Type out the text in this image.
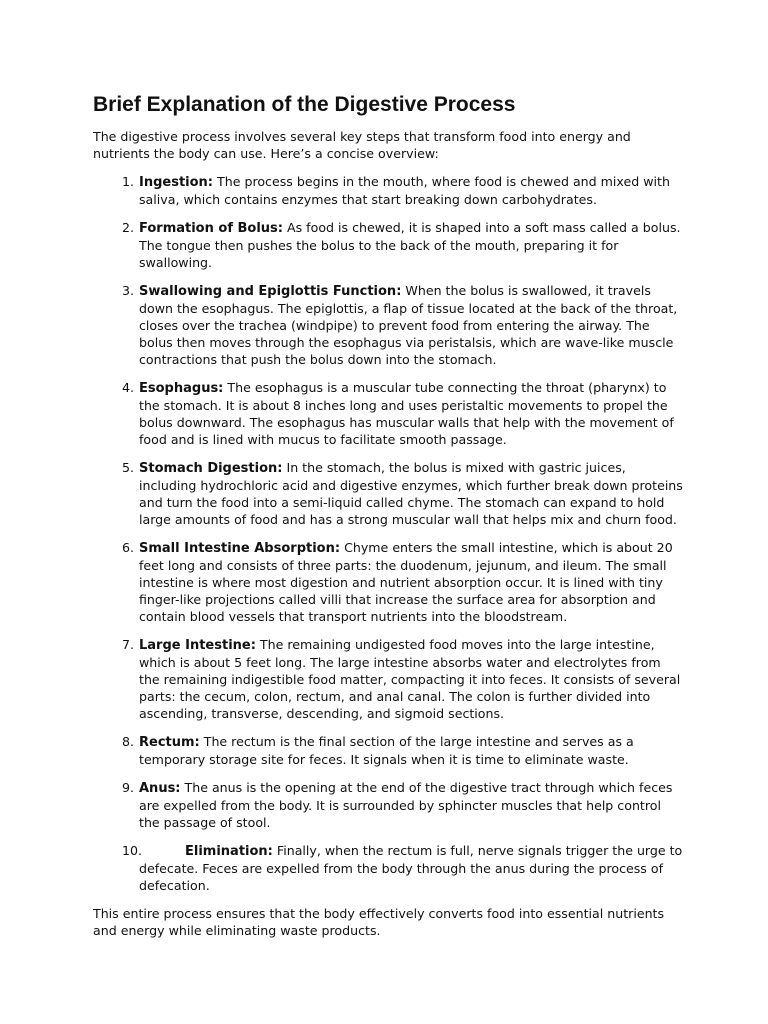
Brief Explanation of the Digestive Process

The digestive process involves several key steps that transform food into energy and nutrients the body can use. Here’s a concise overview:

1. Ingestion: The process begins in the mouth, where food is chewed and mixed with saliva, which contains enzymes that start breaking down carbohydrates.
2. Formation of Bolus: As food is chewed, it is shaped into a soft mass called a bolus. The tongue then pushes the bolus to the back of the mouth, preparing it for swallowing.
3. Swallowing and Epiglottis Function: When the bolus is swallowed, it travels down the esophagus. The epiglottis, a flap of tissue located at the back of the throat, closes over the trachea (windpipe) to prevent food from entering the airway. The bolus then moves through the esophagus via peristalsis, which are wave-like muscle contractions that push the bolus down into the stomach.
4. Esophagus: The esophagus is a muscular tube connecting the throat (pharynx) to the stomach. It is about 8 inches long and uses peristaltic movements to propel the bolus downward. The esophagus has muscular walls that help with the movement of food and is lined with mucus to facilitate smooth passage.
5. Stomach Digestion: In the stomach, the bolus is mixed with gastric juices, including hydrochloric acid and digestive enzymes, which further break down proteins and turn the food into a semi-liquid called chyme. The stomach can expand to hold large amounts of food and has a strong muscular wall that helps mix and churn food.
6. Small Intestine Absorption: Chyme enters the small intestine, which is about 20 feet long and consists of three parts: the duodenum, jejunum, and ileum. The small intestine is where most digestion and nutrient absorption occur. It is lined with tiny finger-like projections called villi that increase the surface area for absorption and contain blood vessels that transport nutrients into the bloodstream.
7. Large Intestine: The remaining undigested food moves into the large intestine, which is about 5 feet long. The large intestine absorbs water and electrolytes from the remaining indigestible food matter, compacting it into feces. It consists of several parts: the cecum, colon, rectum, and anal canal. The colon is further divided into ascending, transverse, descending, and sigmoid sections.
8. Rectum: The rectum is the final section of the large intestine and serves as a temporary storage site for feces. It signals when it is time to eliminate waste.
9. Anus: The anus is the opening at the end of the digestive tract through which feces are expelled from the body. It is surrounded by sphincter muscles that help control the passage of stool.
10.	Elimination: Finally, when the rectum is full, nerve signals trigger the urge to defecate. Feces are expelled from the body through the anus during the process of defecation.

This entire process ensures that the body effectively converts food into essential nutrients and energy while eliminating waste products.
